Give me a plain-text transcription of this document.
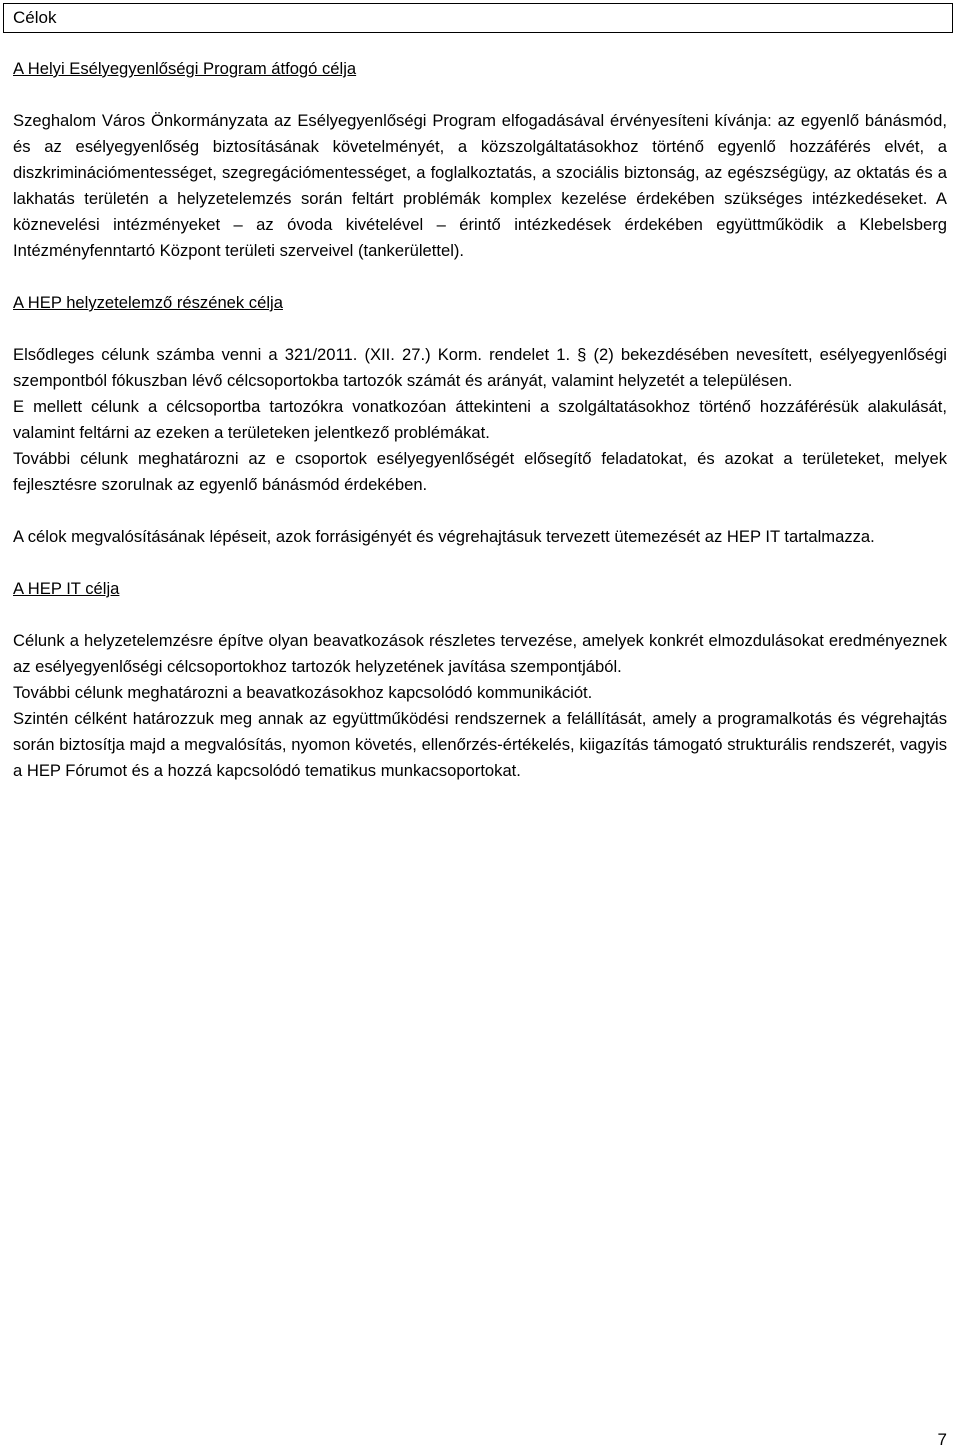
Célok

A Helyi Esélyegyenlőségi Program átfogó célja

Szeghalom Város Önkormányzata az Esélyegyenlőségi Program elfogadásával érvényesíteni kívánja: az egyenlő bánásmód, és az esélyegyenlőség biztosításának követelményét, a közszolgáltatásokhoz történő egyenlő hozzáférés elvét, a diszkriminációmentességet, szegregációmentességet, a foglalkoztatás, a szociális biztonság, az egészségügy, az oktatás és a lakhatás területén a helyzetelemzés során feltárt problémák komplex kezelése érdekében szükséges intézkedéseket. A köznevelési intézményeket – az óvoda kivételével – érintő intézkedések érdekében együttműködik a Klebelsberg Intézményfenntartó Központ területi szerveivel (tankerülettel).

A HEP helyzetelemző részének célja

Elsődleges célunk számba venni a 321/2011. (XII. 27.) Korm. rendelet 1. § (2) bekezdésében nevesített, esélyegyenlőségi szempontból fókuszban lévő célcsoportokba tartozók számát és arányát, valamint helyzetét a településen.

E mellett célunk a célcsoportba tartozókra vonatkozóan áttekinteni a szolgáltatásokhoz történő hozzáférésük alakulását, valamint feltárni az ezeken a területeken jelentkező problémákat.

További célunk meghatározni az e csoportok esélyegyenlőségét elősegítő feladatokat, és azokat a területeket, melyek fejlesztésre szorulnak az egyenlő bánásmód érdekében.

A célok megvalósításának lépéseit, azok forrásigényét és végrehajtásuk tervezett ütemezését az HEP IT tartalmazza.

A HEP IT célja

Célunk a helyzetelemzésre építve olyan beavatkozások részletes tervezése, amelyek konkrét elmozdulásokat eredményeznek az esélyegyenlőségi célcsoportokhoz tartozók helyzetének javítása szempontjából.

További célunk meghatározni a beavatkozásokhoz kapcsolódó kommunikációt.

Szintén célként határozzuk meg annak az együttműködési rendszernek a felállítását, amely a programalkotás és végrehajtás során biztosítja majd a megvalósítás, nyomon követés, ellenőrzés-értékelés, kiigazítás támogató strukturális rendszerét, vagyis a HEP Fórumot és a hozzá kapcsolódó tematikus munkacsoportokat.

7
